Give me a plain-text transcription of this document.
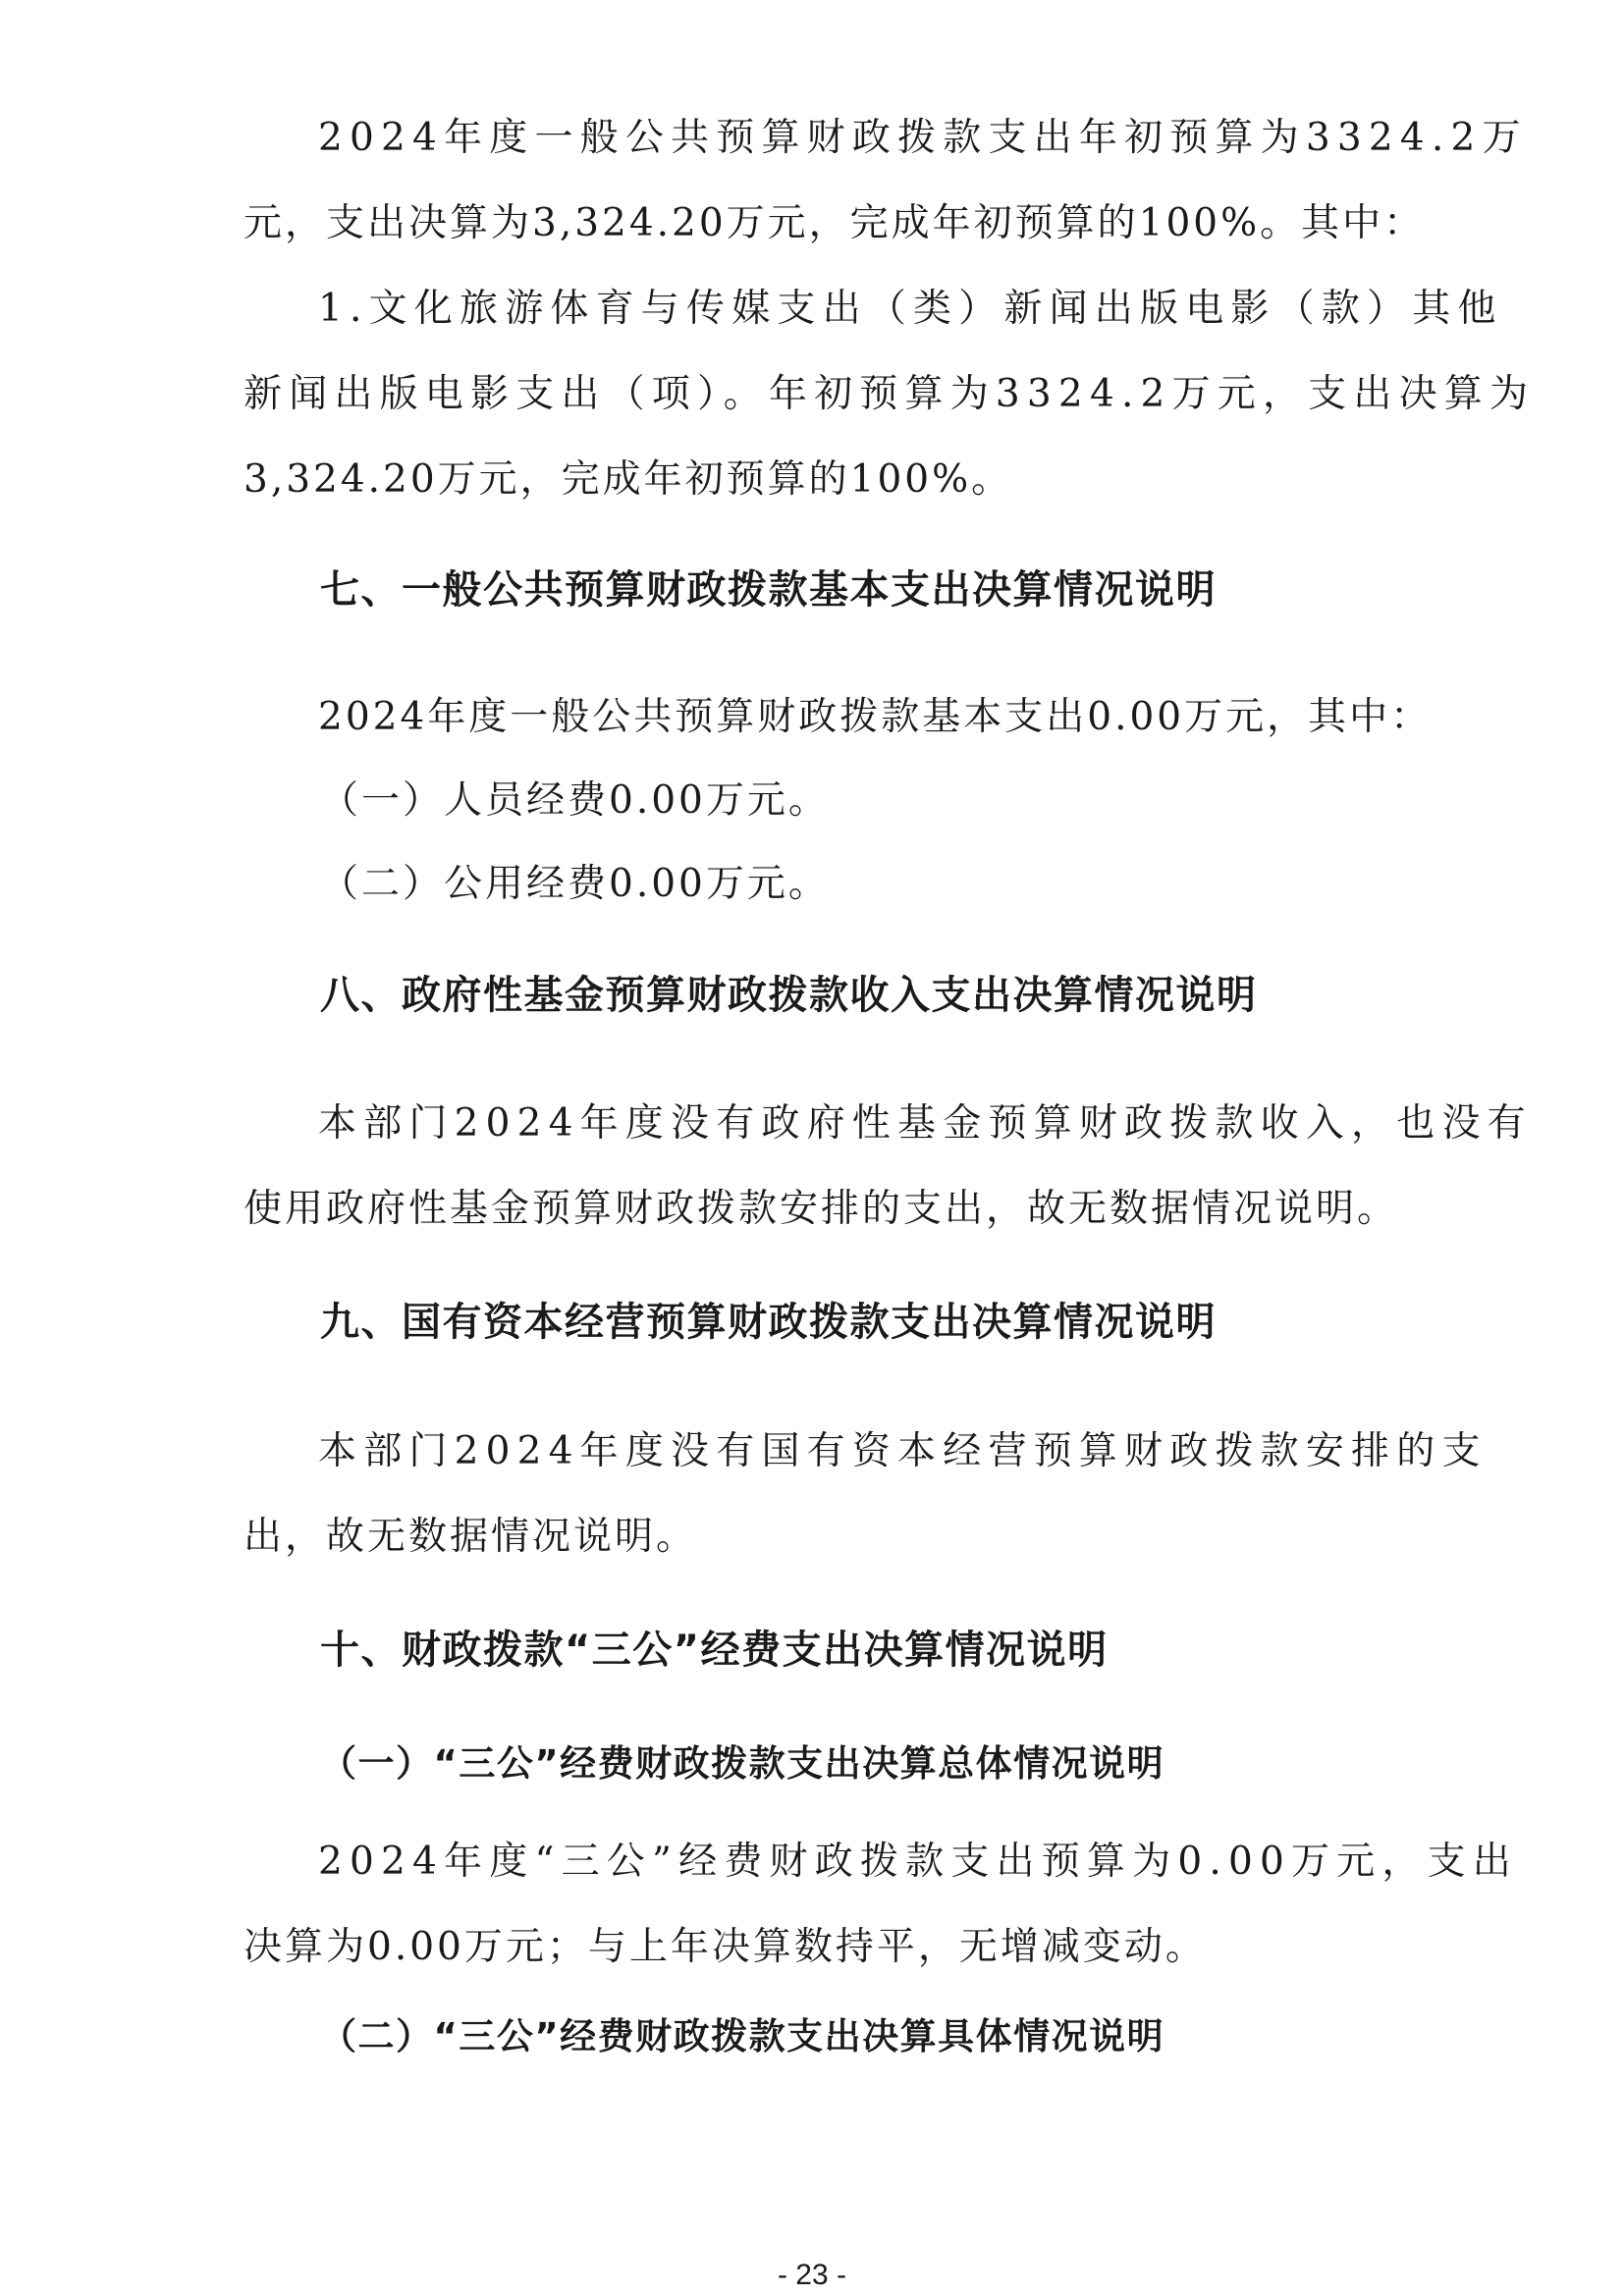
2024年度一般公共预算财政拨款支出年初预算为3324.2万
元，支出决算为3,324.20万元，完成年初预算的100%。其中：
1.文化旅游体育与传媒支出（类）新闻出版电影（款）其他
新闻出版电影支出（项）。年初预算为3324.2万元，支出决算为
3,324.20万元，完成年初预算的100%。
七、一般公共预算财政拨款基本支出决算情况说明
2024年度一般公共预算财政拨款基本支出0.00万元，其中：
（一）人员经费0.00万元。
（二）公用经费0.00万元。
八、政府性基金预算财政拨款收入支出决算情况说明
本部门2024年度没有政府性基金预算财政拨款收入，也没有
使用政府性基金预算财政拨款安排的支出，故无数据情况说明。
九、国有资本经营预算财政拨款支出决算情况说明
本部门2024年度没有国有资本经营预算财政拨款安排的支
出，故无数据情况说明。
十、财政拨款“三公”经费支出决算情况说明
（一）“三公”经费财政拨款支出决算总体情况说明
2024年度“三公”经费财政拨款支出预算为0.00万元，支出
决算为0.00万元；与上年决算数持平，无增减变动。
（二）“三公”经费财政拨款支出决算具体情况说明
- 23 -
